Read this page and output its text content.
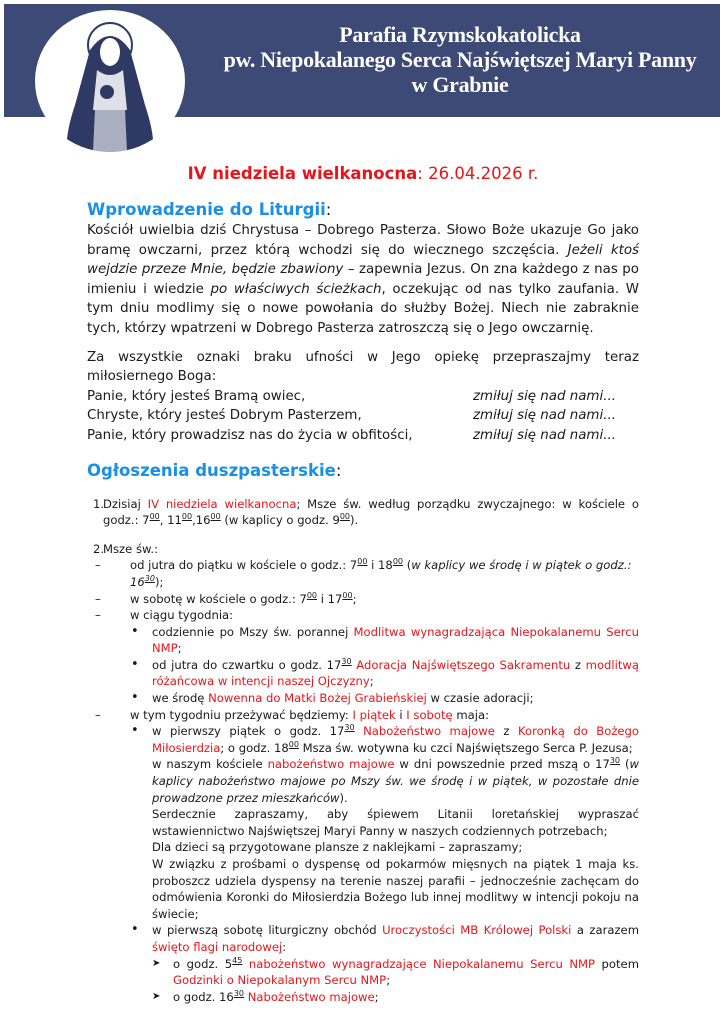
Parafia Rzymskokatolicka
pw. Niepokalanego Serca Najświętszej Maryi Panny
w Grabnie
IV niedziela wielkanocna: 26.04.2026 r.
Wprowadzenie do Liturgii:
Kościół uwielbia dziś Chrystusa – Dobrego Pasterza. Słowo Boże ukazuje Go jako bramę owczarni, przez którą wchodzi się do wiecznego szczęścia. Jeżeli ktoś wejdzie przeze Mnie, będzie zbawiony – zapewnia Jezus. On zna każdego z nas po imieniu i wiedzie po właściwych ścieżkach, oczekując od nas tylko zaufania. W tym dniu modlimy się o nowe powołania do służby Bożej. Niech nie zabraknie tych, którzy wpatrzeni w Dobrego Pasterza zatroszczą się o Jego owczarnię.
Za wszystkie oznaki braku ufności w Jego opiekę przepraszajmy teraz miłosiernego Boga:
Panie, który jesteś Bramą owiec,	zmiłuj się nad nami...
Chryste, który jesteś Dobrym Pasterzem,	zmiłuj się nad nami...
Panie, który prowadzisz nas do życia w obfitości,	zmiłuj się nad nami...
Ogłoszenia duszpasterskie:
1.
Dzisiaj IV niedziela wielkanocna; Msze św. według porządku zwyczajnego: w kościele o godz.: $7^{00}$, $11^{00},16^{00}$ (w kaplicy o godz. $9^{00}$).
2.
Msze św.:
–	od jutra do piątku w kościele o godz.: $7^{00}$ i $18^{00}$ (w kaplicy we środę i w piątek o godz.: $16^{30}$);
–	w sobotę w kościele o godz.: $7^{00}$ i $17^{00}$;
–	w ciągu tygodnia:
• codziennie po Mszy św. porannej Modlitwa wynagradzająca Niepokalanemu Sercu NMP;
• od jutra do czwartku o godz. $17^{30}$ Adoracja Najświętszego Sakramentu z modlitwą różańcowa w intencji naszej Ojczyzny;
• we środę Nowenna do Matki Bożej Grabieńskiej w czasie adoracji;
–	w tym tygodniu przeżywać będziemy: I piątek i I sobotę maja:
• w pierwszy piątek o godz. $17^{30}$ Nabożeństwo majowe z Koronką do Bożego Miłosierdzia; o godz. $18^{00}$ Msza św. wotywna ku czci Najświętszego Serca P. Jezusa;
w naszym kościele nabożeństwo majowe w dni powszednie przed mszą o $17^{30}$ (w kaplicy nabożeństwo majowe po Mszy św. we środę i w piątek, w pozostałe dnie prowadzone przez mieszkańców).
Serdecznie zapraszamy, aby śpiewem Litanii loretańskiej wypraszać wstawiennictwo Najświętszej Maryi Panny w naszych codziennych potrzebach;
Dla dzieci są przygotowane plansze z naklejkami – zapraszamy;
W związku z prośbami o dyspensę od pokarmów mięsnych na piątek 1 maja ks. proboszcz udziela dyspensy na terenie naszej parafii – jednocześnie zachęcam do odmówienia Koronki do Miłosierdzia Bożego lub innej modlitwy w intencji pokoju na świecie;
• w pierwszą sobotę liturgiczny obchód Uroczystości MB Królowej Polski a zarazem święto flagi narodowej:
➤ o godz. $5^{45}$ nabożeństwo wynagradzające Niepokalanemu Sercu NMP potem Godzinki o Niepokalanym Sercu NMP;
➤ o godz. $16^{30}$ Nabożeństwo majowe;
